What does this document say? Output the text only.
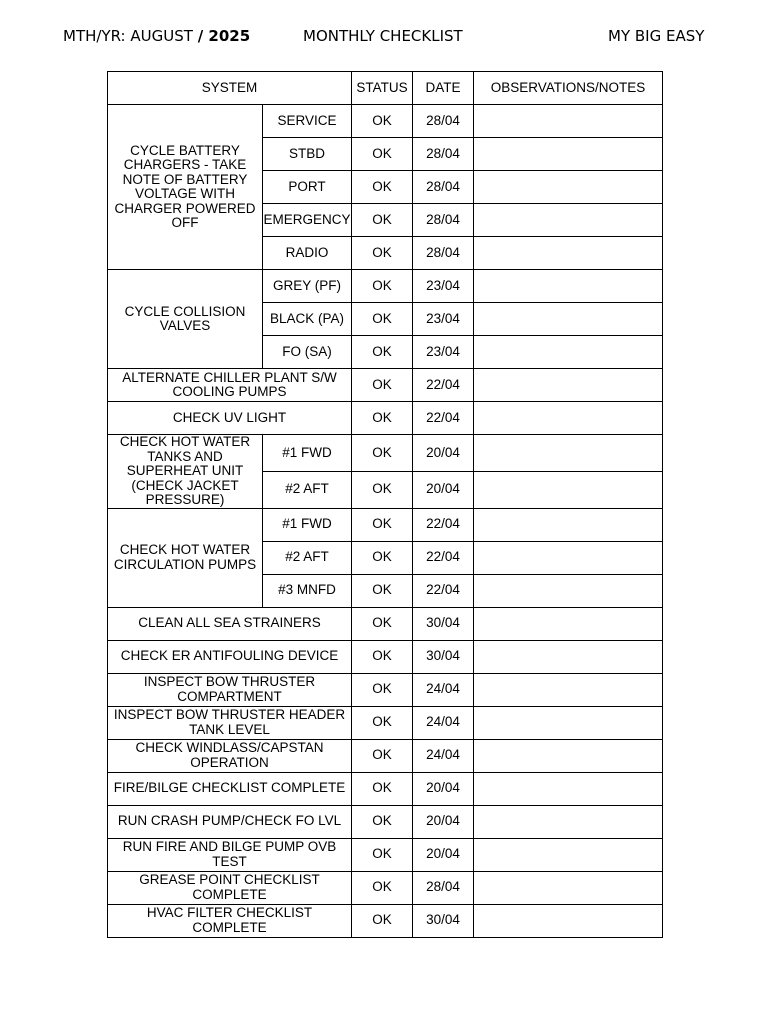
MTH/YR: AUGUST / 2025	MONTHLY CHECKLIST	MY BIG EASY
SYSTEM		STATUS	DATE	OBSERVATIONS/NOTES
CYCLE BATTERY CHARGERS - TAKE NOTE OF BATTERY VOLTAGE WITH CHARGER POWERED OFF	SERVICE	OK	28/04	
	STBD	OK	28/04	
	PORT	OK	28/04	
	EMERGENCY	OK	28/04	
	RADIO	OK	28/04	
CYCLE COLLISION VALVES	GREY (PF)	OK	23/04	
	BLACK (PA)	OK	23/04	
	FO (SA)	OK	23/04	
ALTERNATE CHILLER PLANT S/W COOLING PUMPS		OK	22/04	
CHECK UV LIGHT		OK	22/04	
CHECK HOT WATER TANKS AND SUPERHEAT UNIT (CHECK JACKET PRESSURE)	#1 FWD	OK	20/04	
	#2 AFT	OK	20/04	
CHECK HOT WATER CIRCULATION PUMPS	#1 FWD	OK	22/04	
	#2 AFT	OK	22/04	
	#3 MNFD	OK	22/04	
CLEAN ALL SEA STRAINERS		OK	30/04	
CHECK ER ANTIFOULING DEVICE		OK	30/04	
INSPECT BOW THRUSTER COMPARTMENT		OK	24/04	
INSPECT BOW THRUSTER HEADER TANK LEVEL		OK	24/04	
CHECK WINDLASS/CAPSTAN OPERATION		OK	24/04	
FIRE/BILGE CHECKLIST COMPLETE		OK	20/04	
RUN CRASH PUMP/CHECK FO LVL		OK	20/04	
RUN FIRE AND BILGE PUMP OVB TEST		OK	20/04	
GREASE POINT CHECKLIST COMPLETE		OK	28/04	
HVAC FILTER CHECKLIST COMPLETE		OK	30/04	
